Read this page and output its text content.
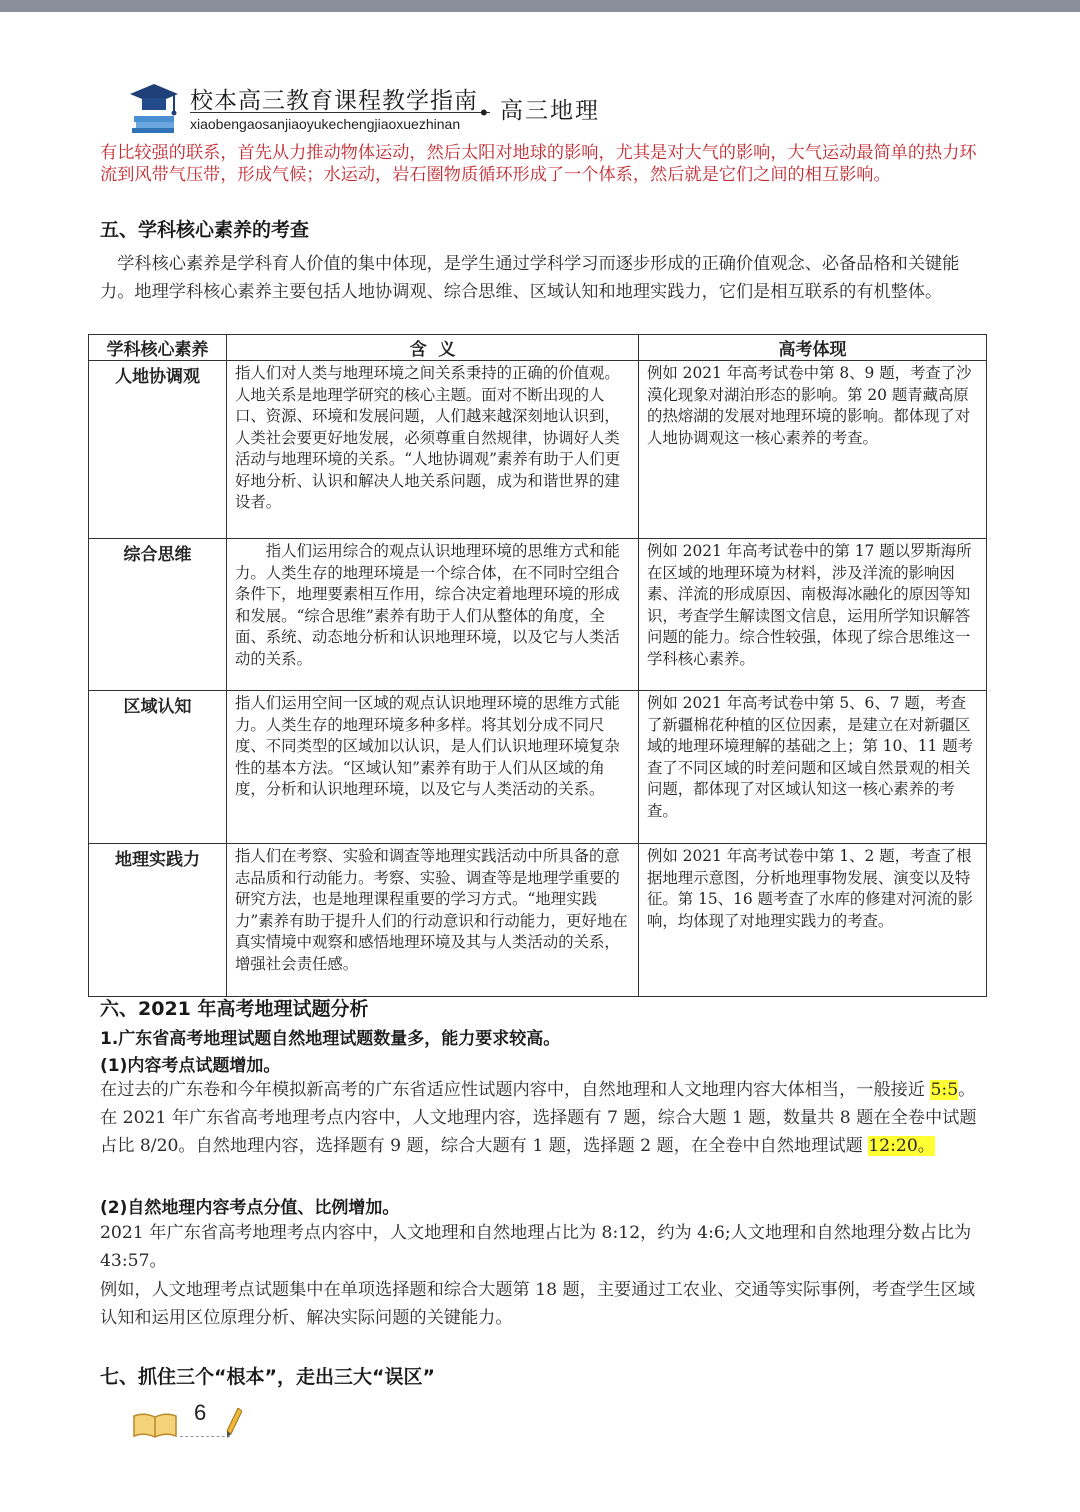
校本高三教育课程教学指南
xiaobengaosanjiaoyukechengjiaoxuezhinan • 高三地理
有比较强的联系，首先从力推动物体运动，然后太阳对地球的影响，尤其是对大气的影响，大气运动最简单的热力环流到风带气压带，形成气候；水运动，岩石圈物质循环形成了一个体系，然后就是它们之间的相互影响。
五、学科核心素养的考查
学科核心素养是学科育人价值的集中体现，是学生通过学科学习而逐步形成的正确价值观念、必备品格和关键能力。地理学科核心素养主要包括人地协调观、综合思维、区域认知和地理实践力，它们是相互联系的有机整体。
学科核心素养	含  义	高考体现
人地协调观	指人们对人类与地理环境之间关系秉持的正确的价值观。人地关系是地理学研究的核心主题。面对不断出现的人口、资源、环境和发展问题，人们越来越深刻地认识到，人类社会要更好地发展，必须尊重自然规律，协调好人类活动与地理环境的关系。“人地协调观”素养有助于人们更好地分析、认识和解决人地关系问题，成为和谐世界的建设者。	例如 2021 年高考试卷中第 8、9 题，考查了沙漠化现象对湖泊形态的影响。第 20 题青藏高原的热熔湖的发展对地理环境的影响。都体现了对人地协调观这一核心素养的考查。
综合思维	指人们运用综合的观点认识地理环境的思维方式和能力。人类生存的地理环境是一个综合体，在不同时空组合条件下，地理要素相互作用，综合决定着地理环境的形成和发展。“综合思维”素养有助于人们从整体的角度，全面、系统、动态地分析和认识地理环境，以及它与人类活动的关系。	例如 2021 年高考试卷中的第 17 题以罗斯海所在区域的地理环境为材料，涉及洋流的影响因素、洋流的形成原因、南极海冰融化的原因等知识，考查学生解读图文信息，运用所学知识解答问题的能力。综合性较强，体现了综合思维这一学科核心素养。
区域认知	指人们运用空间一区域的观点认识地理环境的思维方式能力。人类生存的地理环境多种多样。将其划分成不同尺度、不同类型的区域加以认识，是人们认识地理环境复杂性的基本方法。“区域认知”素养有助于人们从区域的角度，分析和认识地理环境，以及它与人类活动的关系。	例如 2021 年高考试卷中第 5、6、7 题，考查了新疆棉花种植的区位因素，是建立在对新疆区域的地理环境理解的基础之上；第 10、11 题考查了不同区域的时差问题和区域自然景观的相关问题，都体现了对区域认知这一核心素养的考查。
地理实践力	指人们在考察、实验和调查等地理实践活动中所具备的意志品质和行动能力。考察、实验、调查等是地理学重要的研究方法，也是地理课程重要的学习方式。“地理实践力”素养有助于提升人们的行动意识和行动能力，更好地在真实情境中观察和感悟地理环境及其与人类活动的关系，增强社会责任感。	例如 2021 年高考试卷中第 1、2 题，考查了根据地理示意图，分析地理事物发展、演变以及特征。第 15、16 题考查了水库的修建对河流的影响，均体现了对地理实践力的考查。
六、2021 年高考地理试题分析
1.广东省高考地理试题自然地理试题数量多，能力要求较高。
(1)内容考点试题增加。
在过去的广东卷和今年模拟新高考的广东省适应性试题内容中，自然地理和人文地理内容大体相当，一般接近 5:5。在 2021 年广东省高考地理考点内容中，人文地理内容，选择题有 7 题，综合大题 1 题，数量共 8 题在全卷中试题占比 8/20。自然地理内容，选择题有 9 题，综合大题有 1 题，选择题 2 题，在全卷中自然地理试题 12:20。
(2)自然地理内容考点分值、比例增加。
2021 年广东省高考地理考点内容中，人文地理和自然地理占比为 8:12，约为 4:6;人文地理和自然地理分数占比为 43:57。
例如，人文地理考点试题集中在单项选择题和综合大题第 18 题，主要通过工农业、交通等实际事例，考查学生区域认知和运用区位原理分析、解决实际问题的关键能力。
七、抓住三个“根本”，走出三大“误区”
6
